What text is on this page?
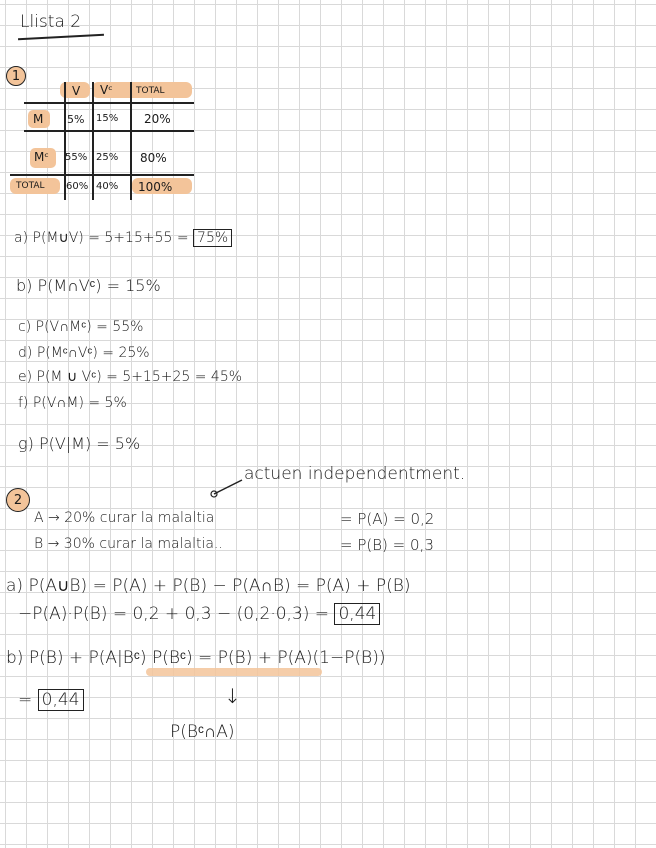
Llista 2
1
V Vᶜ	TOTAL
M 5% 15% 20%
Mᶜ 55% 25% 80%
TOTAL 60% 40% 100%
a) P(M∪V) = 5+15+55 = 75%
b) P(M∩Vᶜ) = 15%
c) P(V∩Mᶜ) = 55%
d) P(Mᶜ∩Vᶜ) = 25%
e) P(M ∪ Vᶜ) = 5+15+25 = 45%
f) P(V∩M) = 5%
g) P(V|M) = 5%
2
actuen independentment.
A → 20% curar la malaltia	= P(A) = 0,2
B → 30% curar la malaltia..	= P(B) = 0,3
a) P(A∪B) = P(A) + P(B) − P(A∩B) = P(A) + P(B)
−P(A)·P(B) = 0,2 + 0,3 − (0,2·0,3) = 0,44
b) P(B) + P(A|Bᶜ) P(Bᶜ) = P(B) + P(A)(1−P(B))
= 0,44	↓
P(Bᶜ∩A)
